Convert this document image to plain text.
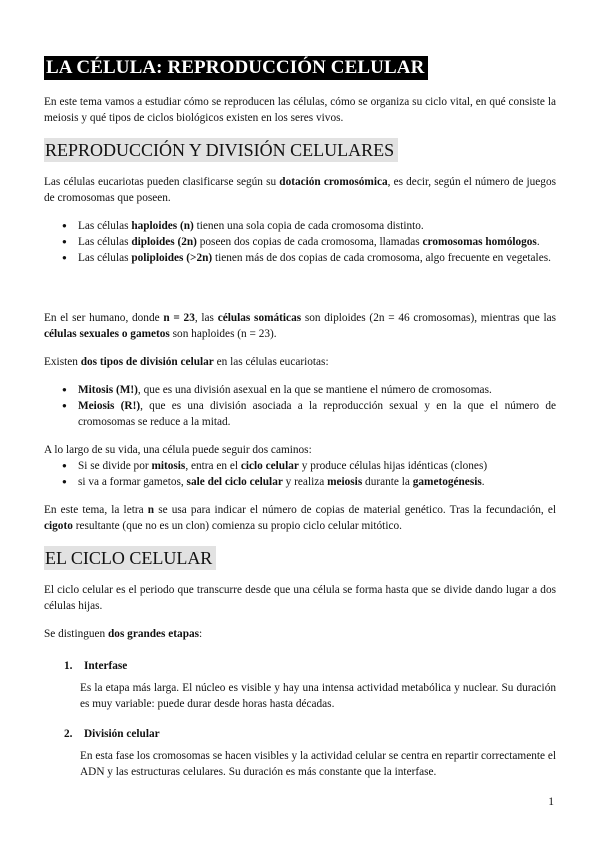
LA CÉLULA: REPRODUCCIÓN CELULAR

En este tema vamos a estudiar cómo se reproducen las células, cómo se organiza su ciclo vital, en qué consiste la meiosis y qué tipos de ciclos biológicos existen en los seres vivos.

REPRODUCCIÓN Y DIVISIÓN CELULARES

Las células eucariotas pueden clasificarse según su dotación cromosómica, es decir, según el número de juegos de cromosomas que poseen.

● Las células haploides (n) tienen una sola copia de cada cromosoma distinto.
● Las células diploides (2n) poseen dos copias de cada cromosoma, llamadas cromosomas homólogos.
● Las células poliploides (>2n) tienen más de dos copias de cada cromosoma, algo frecuente en vegetales.

En el ser humano, donde n = 23, las células somáticas son diploides (2n = 46 cromosomas), mientras que las células sexuales o gametos son haploides (n = 23).

Existen dos tipos de división celular en las células eucariotas:

● Mitosis (M!), que es una división asexual en la que se mantiene el número de cromosomas.
● Meiosis (R!), que es una división asociada a la reproducción sexual y en la que el número de cromosomas se reduce a la mitad.

A lo largo de su vida, una célula puede seguir dos caminos:

● Si se divide por mitosis, entra en el ciclo celular y produce células hijas idénticas (clones)
● si va a formar gametos, sale del ciclo celular y realiza meiosis durante la gametogénesis.

En este tema, la letra n se usa para indicar el número de copias de material genético. Tras la fecundación, el cigoto resultante (que no es un clon) comienza su propio ciclo celular mitótico.

EL CICLO CELULAR

El ciclo celular es el periodo que transcurre desde que una célula se forma hasta que se divide dando lugar a dos células hijas.

Se distinguen dos grandes etapas:

1. Interfase

Es la etapa más larga. El núcleo es visible y hay una intensa actividad metabólica y nuclear. Su duración es muy variable: puede durar desde horas hasta décadas.

2. División celular

En esta fase los cromosomas se hacen visibles y la actividad celular se centra en repartir correctamente el ADN y las estructuras celulares. Su duración es más constante que la interfase.

1
